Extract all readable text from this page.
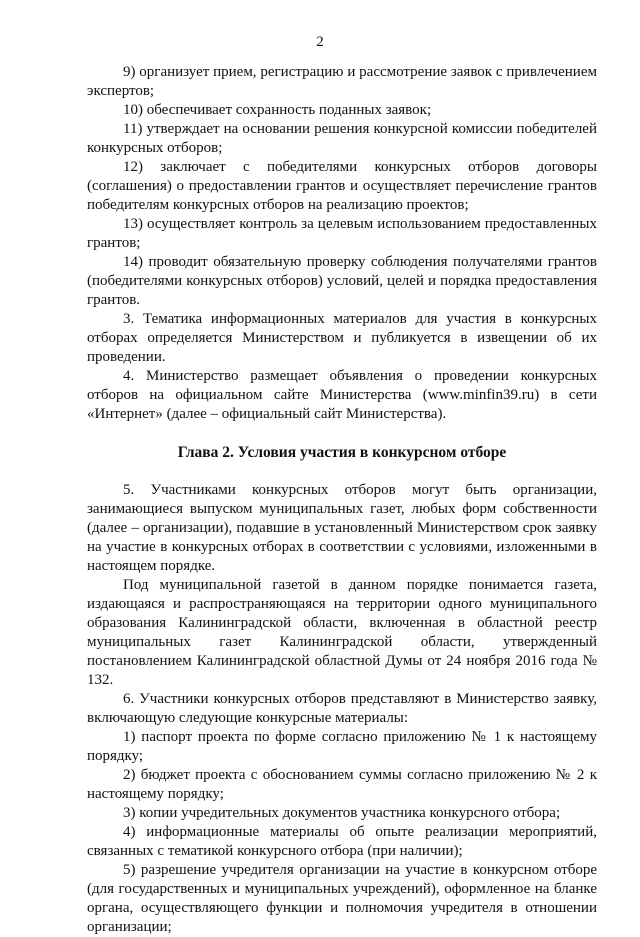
2

9) организует прием, регистрацию и рассмотрение заявок с привлечением экспертов;

10) обеспечивает сохранность поданных заявок;

11) утверждает на основании решения конкурсной комиссии победителей конкурсных отборов;

12) заключает с победителями конкурсных отборов договоры (соглашения) о предоставлении грантов и осуществляет перечисление грантов победителям конкурсных отборов на реализацию проектов;

13) осуществляет контроль за целевым использованием предоставленных грантов;

14) проводит обязательную проверку соблюдения получателями грантов (победителями конкурсных отборов) условий, целей и порядка предоставления грантов.

3. Тематика информационных материалов для участия в конкурсных отборах определяется Министерством и публикуется в извещении об их проведении.

4. Министерство размещает объявления о проведении конкурсных отборов на официальном сайте Министерства (www.minfin39.ru) в сети «Интернет» (далее – официальный сайт Министерства).

Глава 2. Условия участия в конкурсном отборе

5. Участниками конкурсных отборов могут быть организации, занимающиеся выпуском муниципальных газет, любых форм собственности (далее – организации), подавшие в установленный Министерством срок заявку на участие в конкурсных отборах в соответствии с условиями, изложенными в настоящем порядке.

Под муниципальной газетой в данном порядке понимается газета, издающаяся и распространяющаяся на территории одного муниципального образования Калининградской области, включенная в областной реестр муниципальных газет Калининградской области, утвержденный постановлением Калининградской областной Думы от 24 ноября 2016 года № 132.

6. Участники конкурсных отборов представляют в Министерство заявку, включающую следующие конкурсные материалы:

1) паспорт проекта по форме согласно приложению № 1 к настоящему порядку;

2) бюджет проекта с обоснованием суммы согласно приложению № 2 к настоящему порядку;

3) копии учредительных документов участника конкурсного отбора;

4) информационные материалы об опыте реализации мероприятий, связанных с тематикой конкурсного отбора (при наличии);

5) разрешение учредителя организации на участие в конкурсном отборе (для государственных и муниципальных учреждений), оформленное на бланке органа, осуществляющего функции и полномочия учредителя в отношении организации;
